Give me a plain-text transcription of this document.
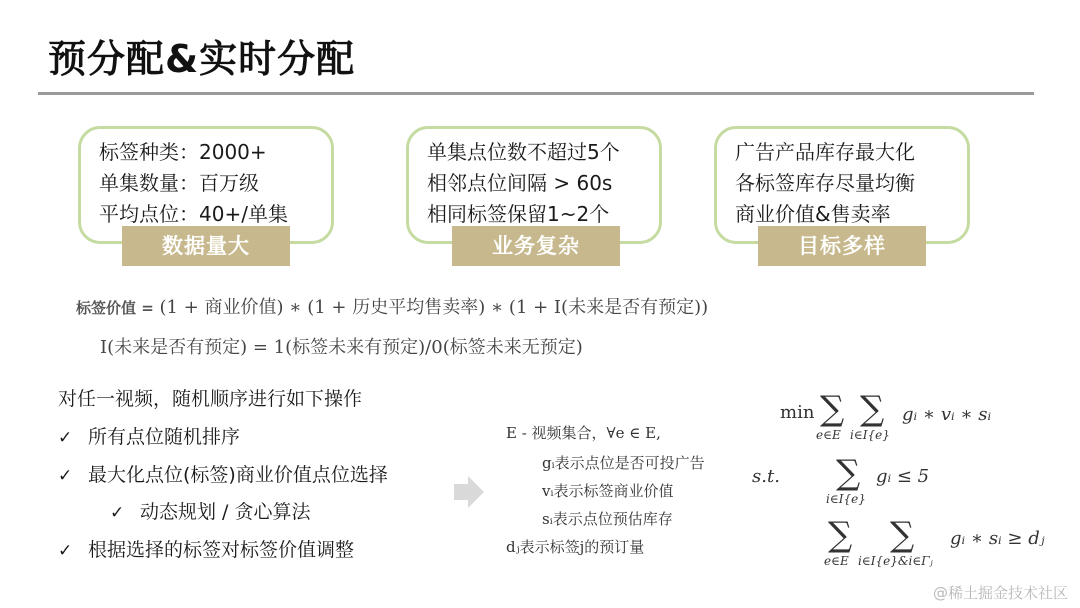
预分配&实时分配
标签种类：2000+
单集数量：百万级
平均点位：40+/单集
数据量大
单集点位数不超过5个
相邻点位间隔 > 60s
相同标签保留1~2个
业务复杂
广告产品库存最大化
各标签库存尽量均衡
商业价值&售卖率
目标多样
标签价值 = (1 + 商业价值) ∗ (1 + 历史平均售卖率) ∗ (1 + I(未来是否有预定))
I(未来是否有预定) = 1(标签未来有预定)/0(标签未来无预定)
对任一视频，随机顺序进行如下操作
✓ 所有点位随机排序
✓ 最大化点位(标签)商业价值点位选择
✓ 动态规划 / 贪心算法
✓ 根据选择的标签对标签价值调整
E - 视频集合，∀e ∈ E,
gᵢ表示点位是否可投广告
vᵢ表示标签商业价值
sᵢ表示点位预估库存
dⱼ表示标签j的预订量
min ∑
e∈E
∑
i∈I{e}
gᵢ ∗ vᵢ ∗ sᵢ
s.t. ∑
i∈I{e}
gᵢ ≤ 5
∑
e∈E
∑
i∈I{e}&i∈Γⱼ
gᵢ ∗ sᵢ ≥ dⱼ
@稀土掘金技术社区
